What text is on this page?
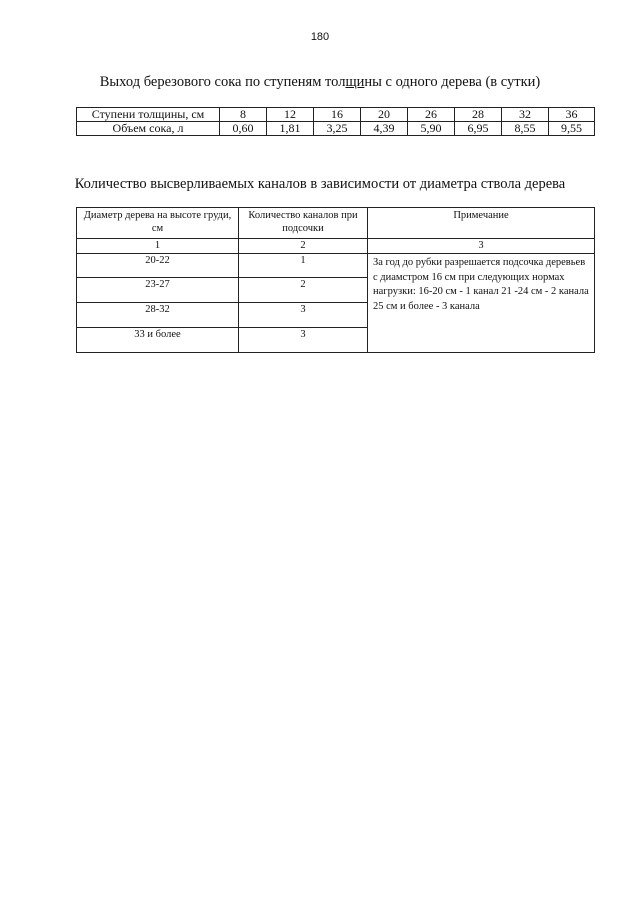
180
Выход березового сока по ступеням толщины с одного дерева (в сутки)
Ступени толщины, см	8	12	16	20	26	28	32	36
Объем сока, л	0,60	1,81	3,25	4,39	5,90	6,95	8,55	9,55
Количество высверливаемых каналов в зависимости от диаметра ствола дерева
Диаметр дерева на высоте груди, см	Количество каналов при подсочки	Примечание
1	2	3
20-22	1	За год до рубки разрешается подсочка деревьев с диамстром 16 см при следующих нормах нагрузки: 16-20 см - 1 канал 21 -24 см - 2 канала 25 см и более - 3 канала
23-27	2	
28-32	3	
33 и более	3	
